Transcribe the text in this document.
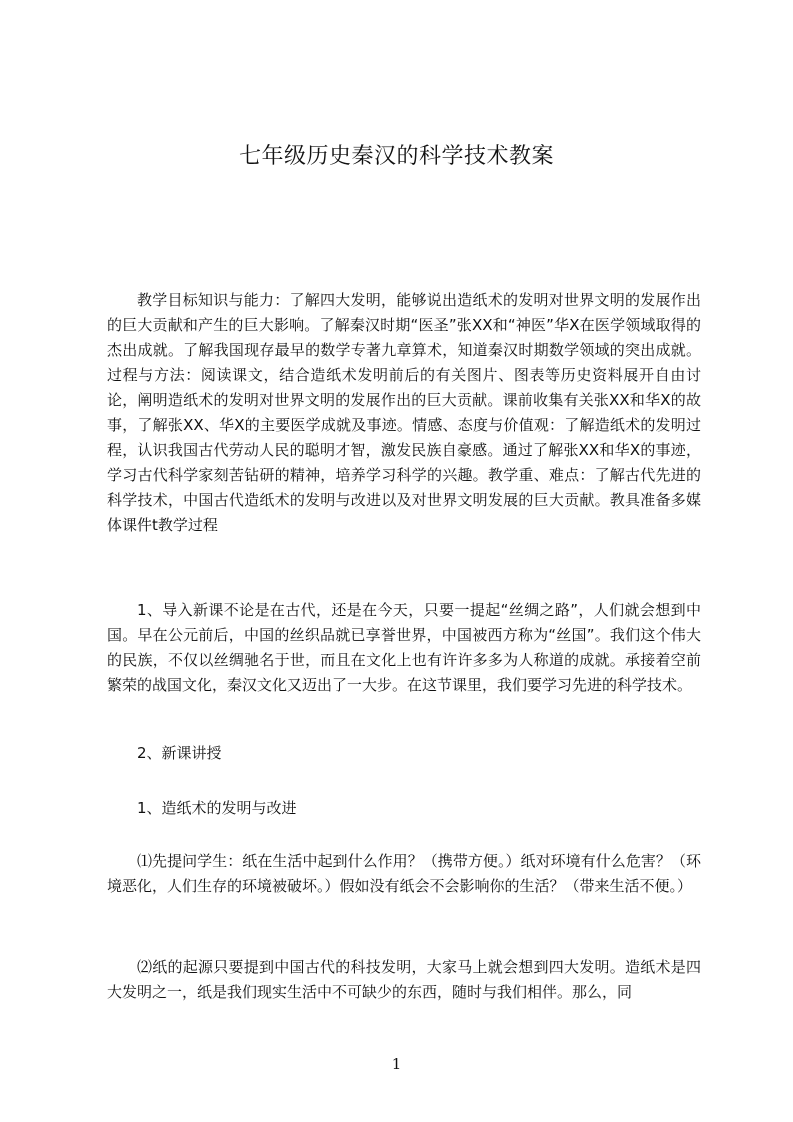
七年级历史秦汉的科学技术教案
教学目标知识与能力：了解四大发明，能够说出造纸术的发明对世界文明的发展作出的巨大贡献和产生的巨大影响。了解秦汉时期“医圣”张XX和“神医”华X在医学领域取得的杰出成就。了解我国现存最早的数学专著九章算术，知道秦汉时期数学领域的突出成就。过程与方法：阅读课文，结合造纸术发明前后的有关图片、图表等历史资料展开自由讨论，阐明造纸术的发明对世界文明的发展作出的巨大贡献。课前收集有关张XX和华X的故事，了解张XX、华X的主要医学成就及事迹。情感、态度与价值观：了解造纸术的发明过程，认识我国古代劳动人民的聪明才智，激发民族自豪感。通过了解张XX和华X的事迹，学习古代科学家刻苦钻研的精神，培养学习科学的兴趣。教学重、难点：了解古代先进的科学技术，中国古代造纸术的发明与改进以及对世界文明发展的巨大贡献。教具准备多媒体课件t教学过程
1、导入新课不论是在古代，还是在今天，只要一提起“丝绸之路”，人们就会想到中国。早在公元前后，中国的丝织品就已享誉世界，中国被西方称为“丝国”。我们这个伟大的民族，不仅以丝绸驰名于世，而且在文化上也有许许多多为人称道的成就。承接着空前繁荣的战国文化，秦汉文化又迈出了一大步。在这节课里，我们要学习先进的科学技术。
2、新课讲授
1、造纸术的发明与改进
⑴先提问学生：纸在生活中起到什么作用？（携带方便。）纸对环境有什么危害？（环境恶化，人们生存的环境被破坏。）假如没有纸会不会影响你的生活？（带来生活不便。）
⑵纸的起源只要提到中国古代的科技发明，大家马上就会想到四大发明。造纸术是四大发明之一，纸是我们现实生活中不可缺少的东西，随时与我们相伴。那么，同
1
